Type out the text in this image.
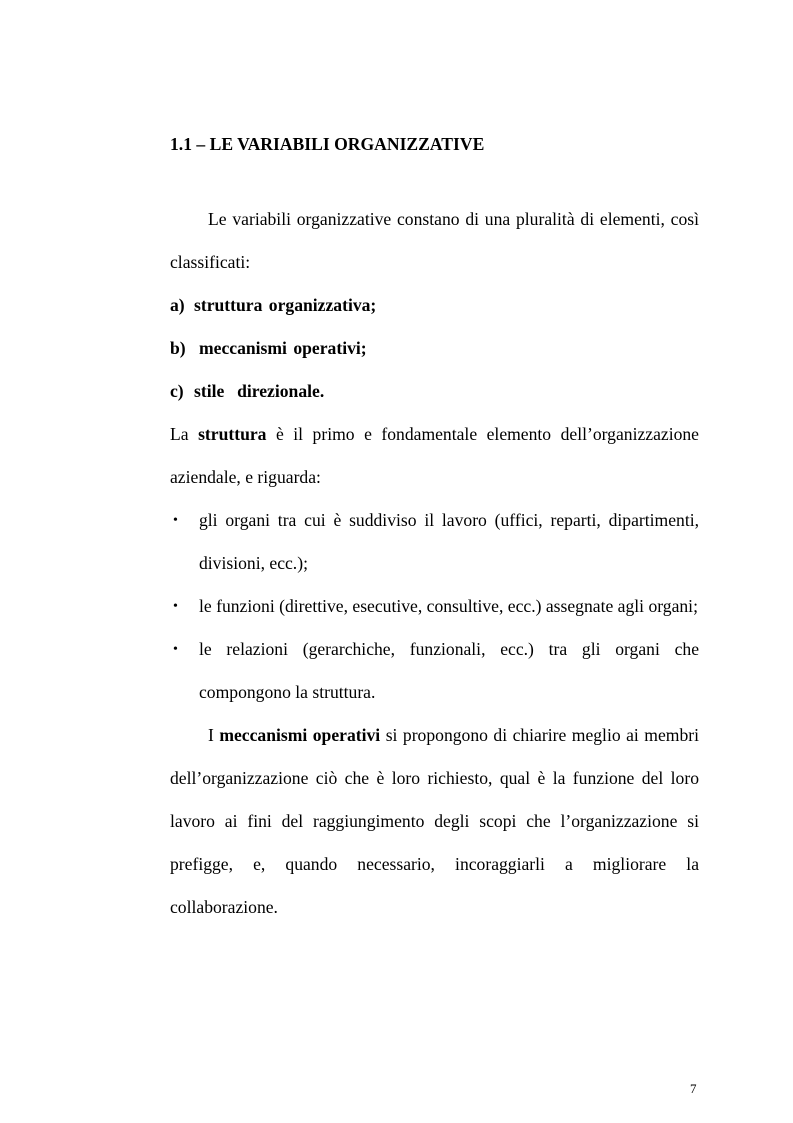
1.1 – LE VARIABILI ORGANIZZATIVE

Le variabili organizzative constano di una pluralità di elementi, così classificati:

a) struttura organizzativa;

b) meccanismi operativi;

c) stile  direzionale.

La struttura è il primo e fondamentale elemento dell’organizzazione aziendale, e riguarda:

• gli organi tra cui è suddiviso il lavoro (uffici, reparti, dipartimenti, divisioni, ecc.);
• le funzioni (direttive, esecutive, consultive, ecc.) assegnate agli organi;
• le relazioni (gerarchiche, funzionali, ecc.) tra gli organi che compongono la struttura.

I meccanismi operativi si propongono di chiarire meglio ai membri dell’organizzazione ciò che è loro richiesto, qual è la funzione del loro lavoro ai fini del raggiungimento degli scopi che l’organizzazione si prefigge, e, quando necessario, incoraggiarli a migliorare la collaborazione.

7
